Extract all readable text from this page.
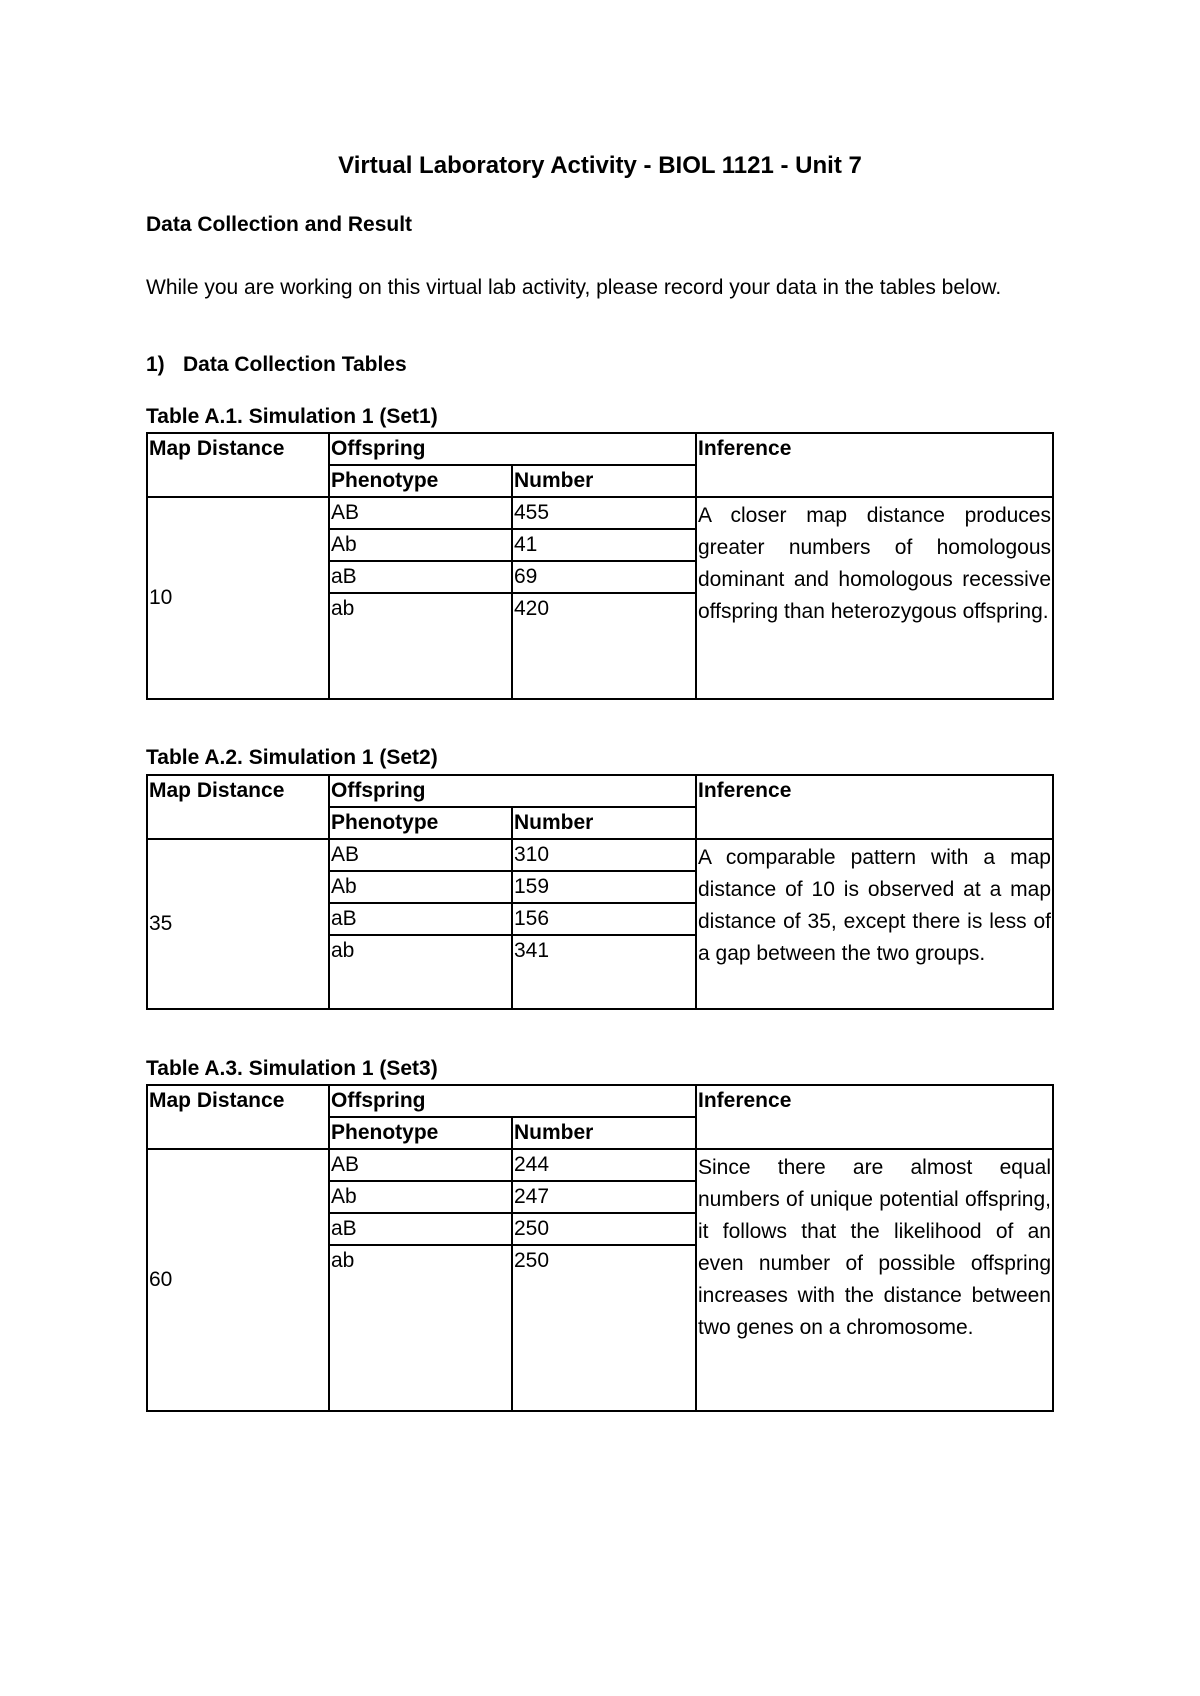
Virtual Laboratory Activity - BIOL 1121 - Unit 7

Data Collection and Result

While you are working on this virtual lab activity, please record your data in the tables below.

1) Data Collection Tables

Table A.1. Simulation 1 (Set1)

Map Distance	Offspring		Inference
	Phenotype	Number	
10	AB	455	A closer map distance produces greater numbers of homologous dominant and homologous recessive offspring than heterozygous offspring.
	Ab	41	
	aB	69	
	ab	420	

Table A.2. Simulation 1 (Set2)

Map Distance	Offspring		Inference
	Phenotype	Number	
35	AB	310	A comparable pattern with a map distance of 10 is observed at a map distance of 35, except there is less of a gap between the two groups.
	Ab	159	
	aB	156	
	ab	341	

Table A.3. Simulation 1 (Set3)

Map Distance	Offspring		Inference
	Phenotype	Number	
60	AB	244	Since there are almost equal numbers of unique potential offspring, it follows that the likelihood of an even number of possible offspring increases with the distance between two genes on a chromosome.
	Ab	247	
	aB	250	
	ab	250	
